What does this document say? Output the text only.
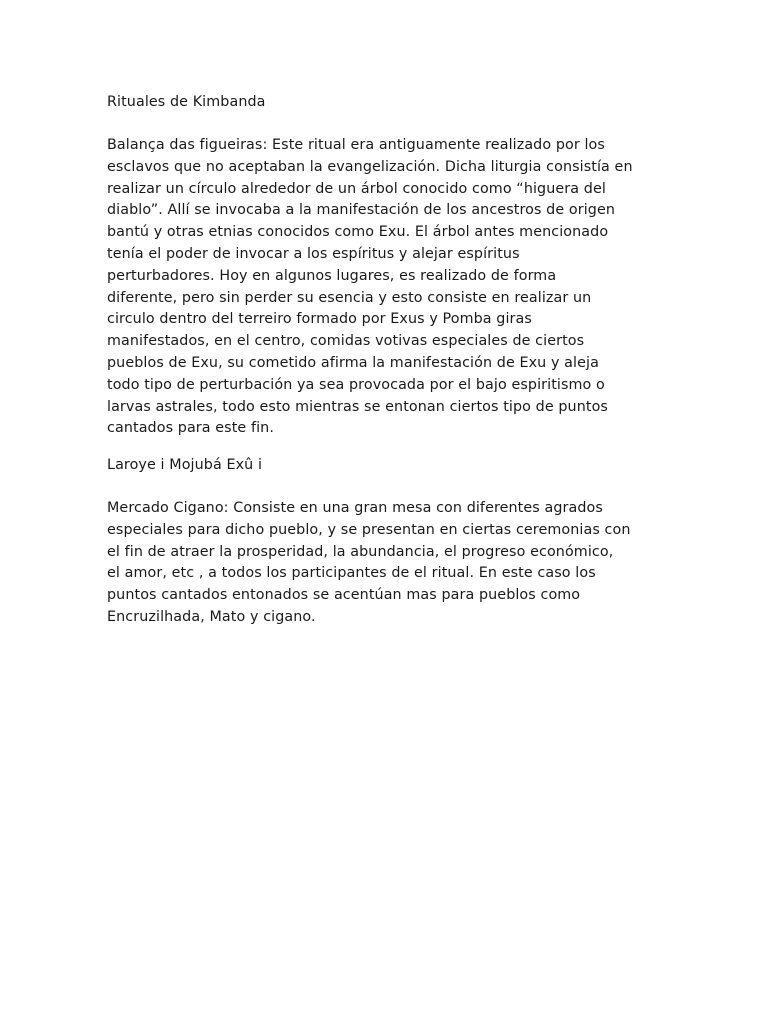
Rituales de Kimbanda
Balança das figueiras: Este ritual era antiguamente realizado por los
esclavos que no aceptaban la evangelización. Dicha liturgia consistía en
realizar un círculo alrededor de un árbol conocido como “higuera del
diablo”. Allí se invocaba a la manifestación de los ancestros de origen
bantú y otras etnias conocidos como Exu. El árbol antes mencionado
tenía el poder de invocar a los espíritus y alejar espíritus
perturbadores. Hoy en algunos lugares, es realizado de forma
diferente, pero sin perder su esencia y esto consiste en realizar un
circulo dentro del terreiro formado por Exus y Pomba giras
manifestados, en el centro, comidas votivas especiales de ciertos
pueblos de Exu, su cometido afirma la manifestación de Exu y aleja
todo tipo de perturbación ya sea provocada por el bajo espiritismo o
larvas astrales, todo esto mientras se entonan ciertos tipo de puntos
cantados para este fin.
Laroye i Mojubá Exû i
Mercado Cigano: Consiste en una gran mesa con diferentes agrados
especiales para dicho pueblo, y se presentan en ciertas ceremonias con
el fin de atraer la prosperidad, la abundancia, el progreso económico,
el amor, etc , a todos los participantes de el ritual. En este caso los
puntos cantados entonados se acentúan mas para pueblos como
Encruzilhada, Mato y cigano.
